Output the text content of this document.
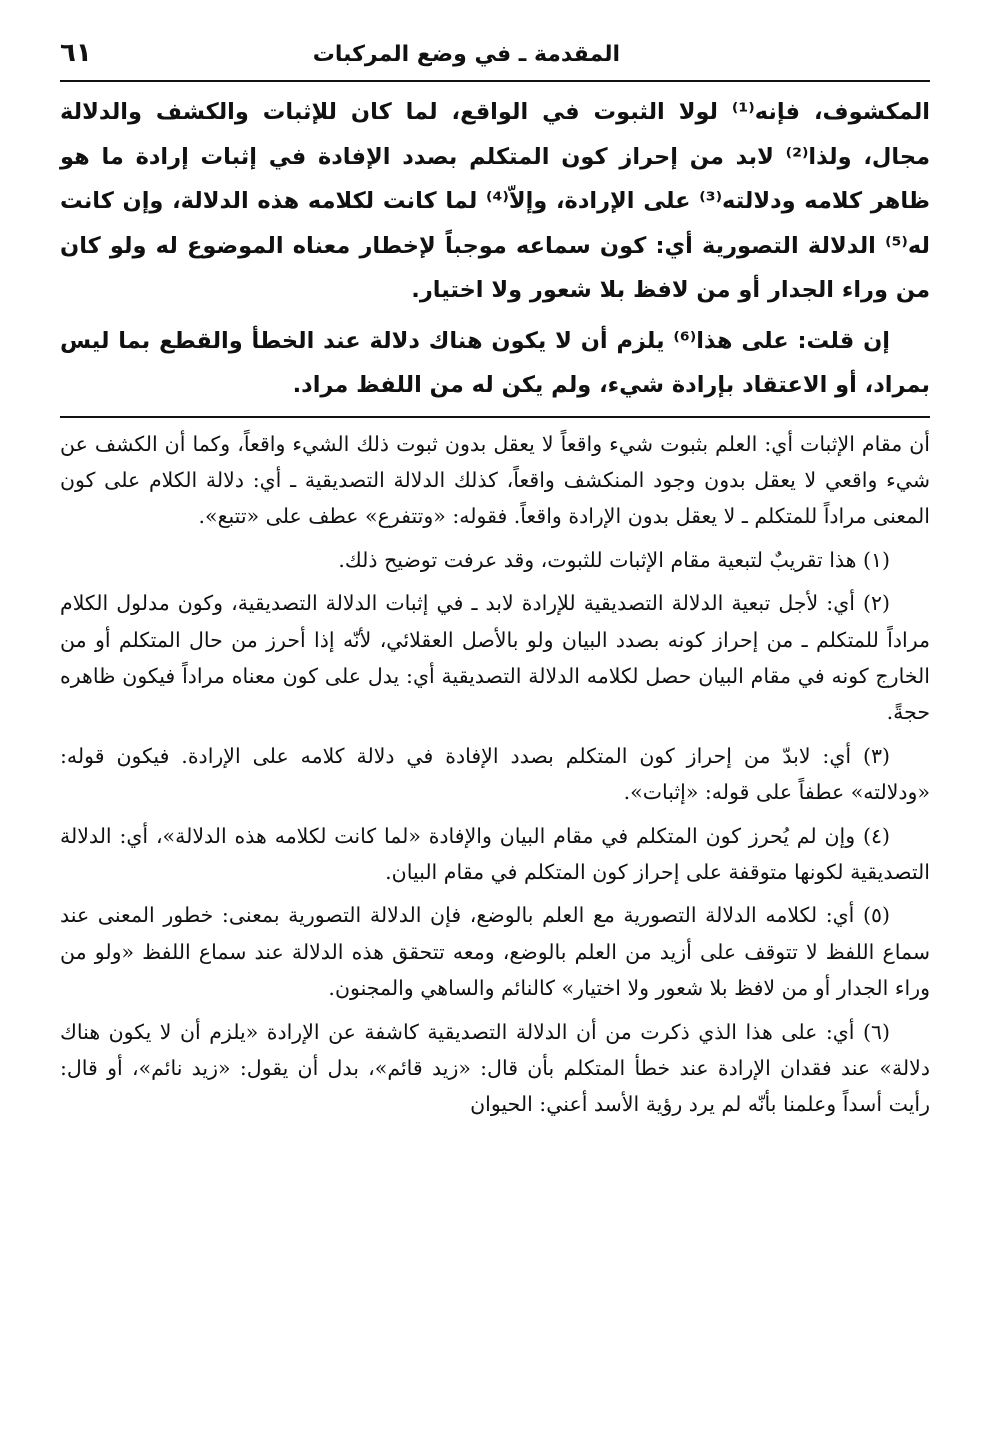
٦١	المقدمة ـ في وضع المركبات

المكشوف، فإنه⁽¹⁾ لولا الثبوت في الواقع، لما كان للإثبات والكشف والدلالة مجال، ولذا⁽²⁾ لابد من إحراز كون المتكلم بصدد الإفادة في إثبات إرادة ما هو ظاهر كلامه ودلالته⁽³⁾ على الإرادة، وإلاّ⁽⁴⁾ لما كانت لكلامه هذه الدلالة، وإن كانت له⁽⁵⁾ الدلالة التصورية أي: كون سماعه موجباً لإخطار معناه الموضوع له ولو كان من وراء الجدار أو من لافظ بلا شعور ولا اختيار.

إن قلت: على هذا⁽⁶⁾ يلزم أن لا يكون هناك دلالة عند الخطأ والقطع بما ليس بمراد، أو الاعتقاد بإرادة شيء، ولم يكن له من اللفظ مراد.

أن مقام الإثبات أي: العلم بثبوت شيء واقعاً لا يعقل بدون ثبوت ذلك الشيء واقعاً، وكما أن الكشف عن شيء واقعي لا يعقل بدون وجود المنكشف واقعاً، كذلك الدلالة التصديقية ـ أي: دلالة الكلام على كون المعنى مراداً للمتكلم ـ لا يعقل بدون الإرادة واقعاً. فقوله: «وتتفرع» عطف على «تتبع».

(١) هذا تقريبٌ لتبعية مقام الإثبات للثبوت، وقد عرفت توضيح ذلك.

(٢) أي: لأجل تبعية الدلالة التصديقية للإرادة لابد ـ في إثبات الدلالة التصديقية، وكون مدلول الكلام مراداً للمتكلم ـ من إحراز كونه بصدد البيان ولو بالأصل العقلائي، لأنّه إذا أحرز من حال المتكلم أو من الخارج كونه في مقام البيان حصل لكلامه الدلالة التصديقية أي: يدل على كون معناه مراداً فيكون ظاهره حجةً.

(٣) أي: لابدّ من إحراز كون المتكلم بصدد الإفادة في دلالة كلامه على الإرادة. فيكون قوله: «ودلالته» عطفاً على قوله: «إثبات».

(٤) وإن لم يُحرز كون المتكلم في مقام البيان والإفادة «لما كانت لكلامه هذه الدلالة»، أي: الدلالة التصديقية لكونها متوقفة على إحراز كون المتكلم في مقام البيان.

(٥) أي: لكلامه الدلالة التصورية مع العلم بالوضع، فإن الدلالة التصورية بمعنى: خطور المعنى عند سماع اللفظ لا تتوقف على أزيد من العلم بالوضع، ومعه تتحقق هذه الدلالة عند سماع اللفظ «ولو من وراء الجدار أو من لافظ بلا شعور ولا اختيار» كالنائم والساهي والمجنون.

(٦) أي: على هذا الذي ذكرت من أن الدلالة التصديقية كاشفة عن الإرادة «يلزم أن لا يكون هناك دلالة» عند فقدان الإرادة عند خطأ المتكلم بأن قال: «زيد قائم»، بدل أن يقول: «زيد نائم»، أو قال: رأيت أسداً وعلمنا بأنّه لم يرد رؤية الأسد أعني: الحيوان
